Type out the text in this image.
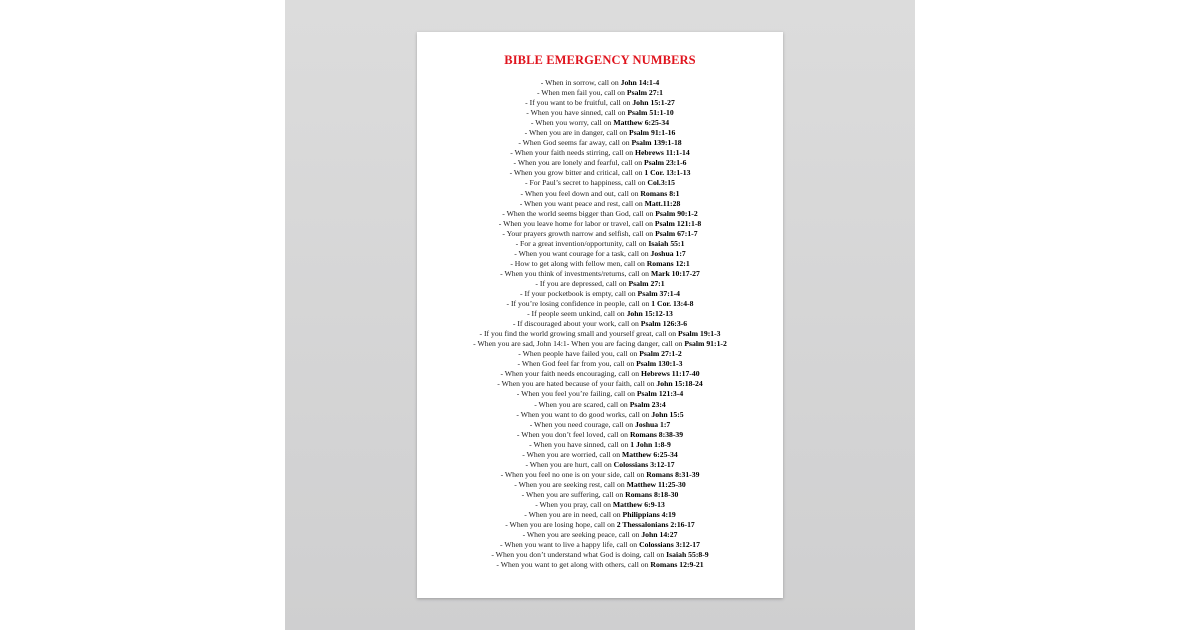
BIBLE EMERGENCY NUMBERS
- When in sorrow, call on John 14:1-4
- When men fail you, call on Psalm 27:1
- If you want to be fruitful, call on John 15:1-27
- When you have sinned, call on Psalm 51:1-10
- When you worry, call on Matthew 6:25-34
- When you are in danger, call on Psalm 91:1-16
- When God seems far away, call on Psalm 139:1-18
- When your faith needs stirring, call on Hebrews 11:1-14
- When you are lonely and fearful, call on Psalm 23:1-6
- When you grow bitter and critical, call on 1 Cor. 13:1-13
- For Paul’s secret to happiness, call on Col.3:15
- When you feel down and out, call on Romans 8:1
- When you want peace and rest, call on Matt.11:28
- When the world seems bigger than God, call on Psalm 90:1-2
- When you leave home for labor or travel, call on Psalm 121:1-8
- Your prayers growth narrow and selfish, call on Psalm 67:1-7
- For a great invention/opportunity, call on Isaiah 55:1
- When you want courage for a task, call on Joshua 1:7
- How to get along with fellow men, call on Romans 12:1
- When you think of investments/returns, call on Mark 10:17-27
- If you are depressed, call on Psalm 27:1
- If your pocketbook is empty, call on Psalm 37:1-4
- If you’re losing confidence in people, call on 1 Cor. 13:4-8
- If people seem unkind, call on John 15:12-13
- If discouraged about your work, call on Psalm 126:3-6
- If you find the world growing small and yourself great, call on Psalm 19:1-3
- When you are sad, John 14:1- When you are facing danger, call on Psalm 91:1-2
- When people have failed you, call on Psalm 27:1-2
- When God feel far from you, call on Psalm 130:1-3
- When your faith needs encouraging, call on Hebrews 11:17-40
- When you are hated because of your faith, call on John 15:18-24
- When you feel you’re failing, call on Psalm 121:3-4
- When you are scared, call on Psalm 23:4
- When you want to do good works, call on John 15:5
- When you need courage, call on Joshua 1:7
- When you don’t feel loved, call on Romans 8:38-39
- When you have sinned, call on 1 John 1:8-9
- When you are worried, call on Matthew 6:25-34
- When you are hurt, call on Colossians 3:12-17
- When you feel no one is on your side, call on Romans 8:31-39
- When you are seeking rest, call on Matthew 11:25-30
- When you are suffering, call on Romans 8:18-30
- When you pray, call on Matthew 6:9-13
- When you are in need, call on Philippians 4:19
- When you are losing hope, call on 2 Thessalonians 2:16-17
- When you are seeking peace, call on John 14:27
- When you want to live a happy life, call on Colossians 3:12-17
- When you don’t understand what God is doing, call on Isaiah 55:8-9
- When you want to get along with others, call on Romans 12:9-21
